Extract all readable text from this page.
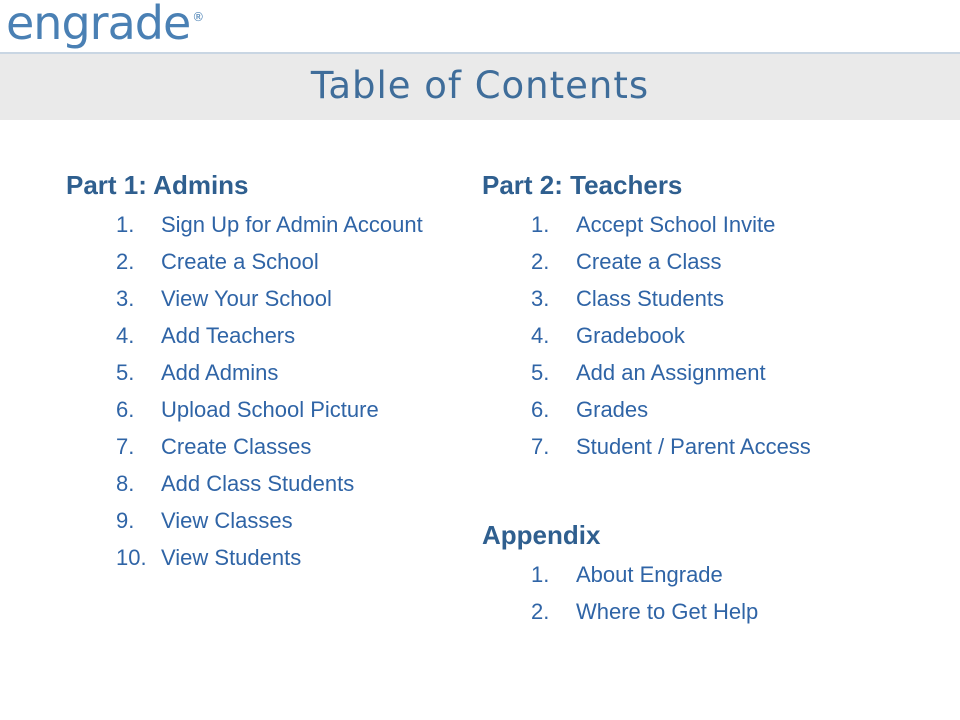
engrade ®
Table of Contents
Part 1: Admins
1.	Sign Up for Admin Account
2.	Create a School
3.	View Your School
4.	Add Teachers
5.	Add Admins
6.	Upload School Picture
7.	Create Classes
8.	Add Class Students
9.	View Classes
10. View Students
Part 2: Teachers
1.	Accept School Invite
2.	Create a Class
3.	Class Students
4.	Gradebook
5.	Add an Assignment
6.	Grades
7.	Student / Parent Access
Appendix
1.	About Engrade
2.	Where to Get Help
